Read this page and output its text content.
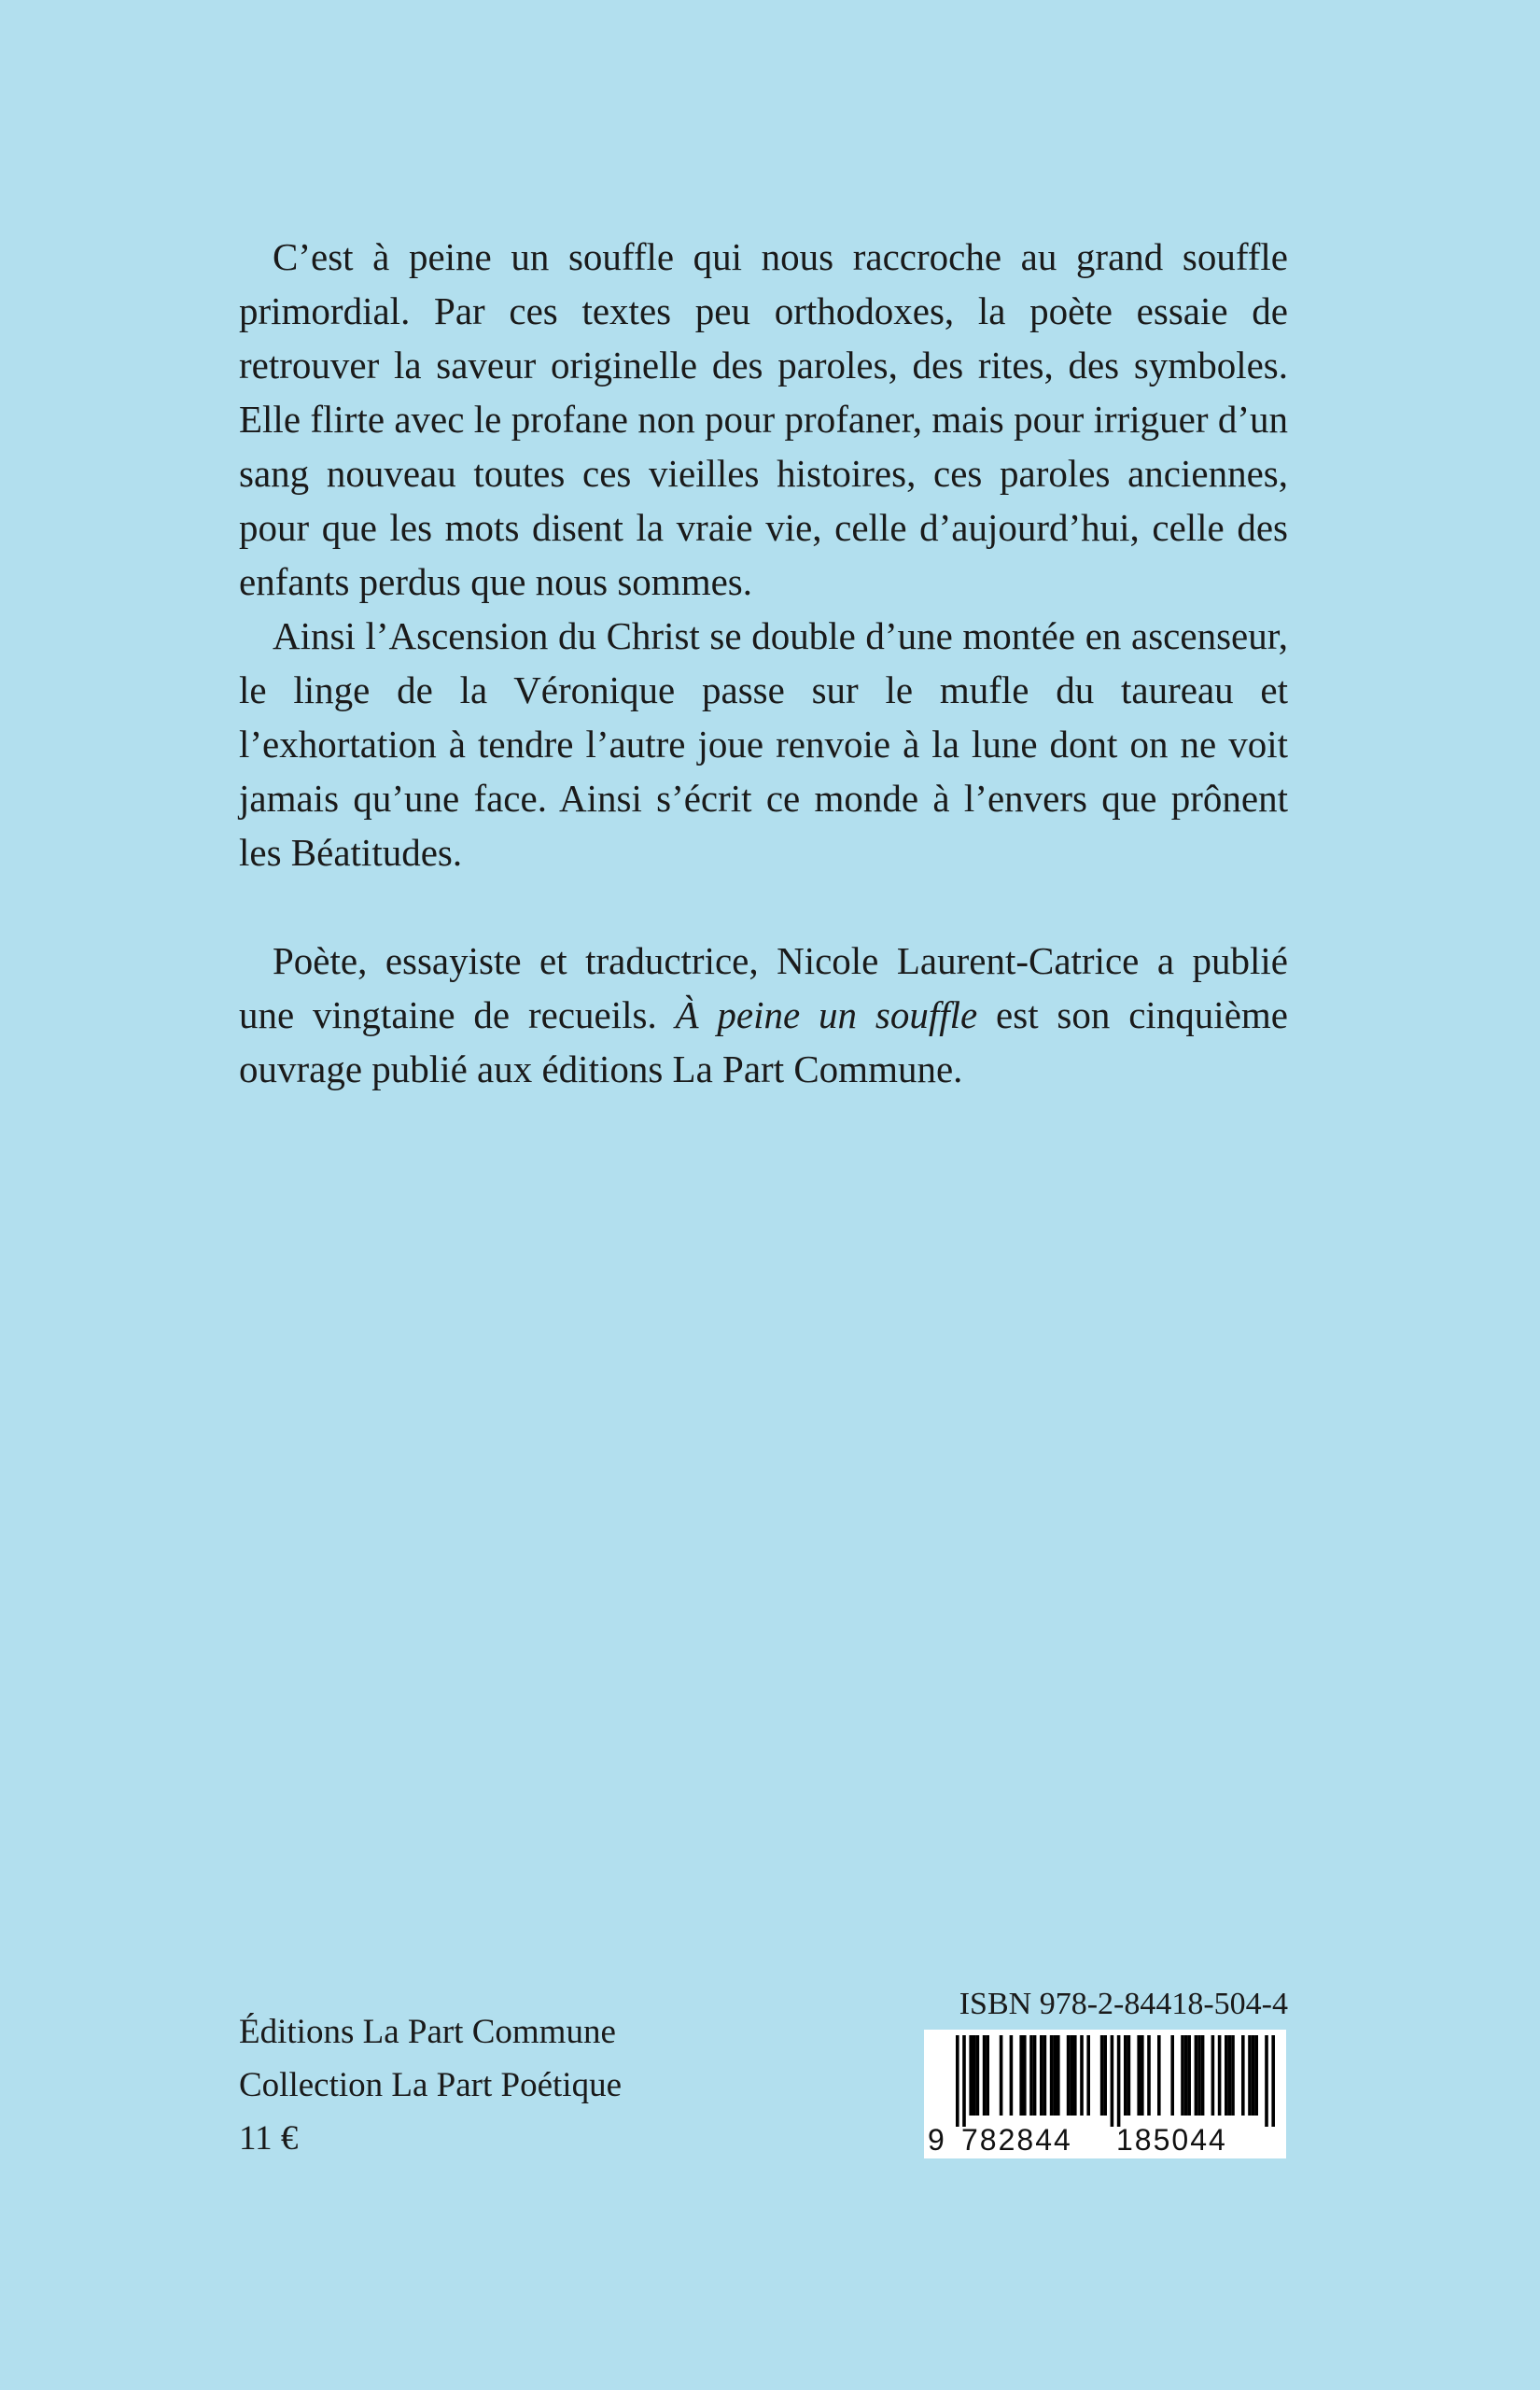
C’est à peine un souffle qui nous raccroche au grand souffle primordial. Par ces textes peu orthodoxes, la poète essaie de retrouver la saveur originelle des paroles, des rites, des symboles. Elle flirte avec le profane non pour profaner, mais pour irriguer d’un sang nouveau toutes ces vieilles histoires, ces paroles anciennes, pour que les mots disent la vraie vie, celle d’aujourd’hui, celle des enfants perdus que nous sommes.

Ainsi l’Ascension du Christ se double d’une montée en ascenseur, le linge de la Véronique passe sur le mufle du taureau et l’exhortation à tendre l’autre joue renvoie à la lune dont on ne voit jamais qu’une face. Ainsi s’écrit ce monde à l’envers que prônent les Béatitudes.

Poète, essayiste et traductrice, Nicole Laurent-Catrice a publié une vingtaine de recueils. À peine un souffle est son cinquième ouvrage publié aux éditions La Part Commune.

Éditions La Part Commune
Collection La Part Poétique
11 €
ISBN 978-2-84418-504-4
9 782844 185044
